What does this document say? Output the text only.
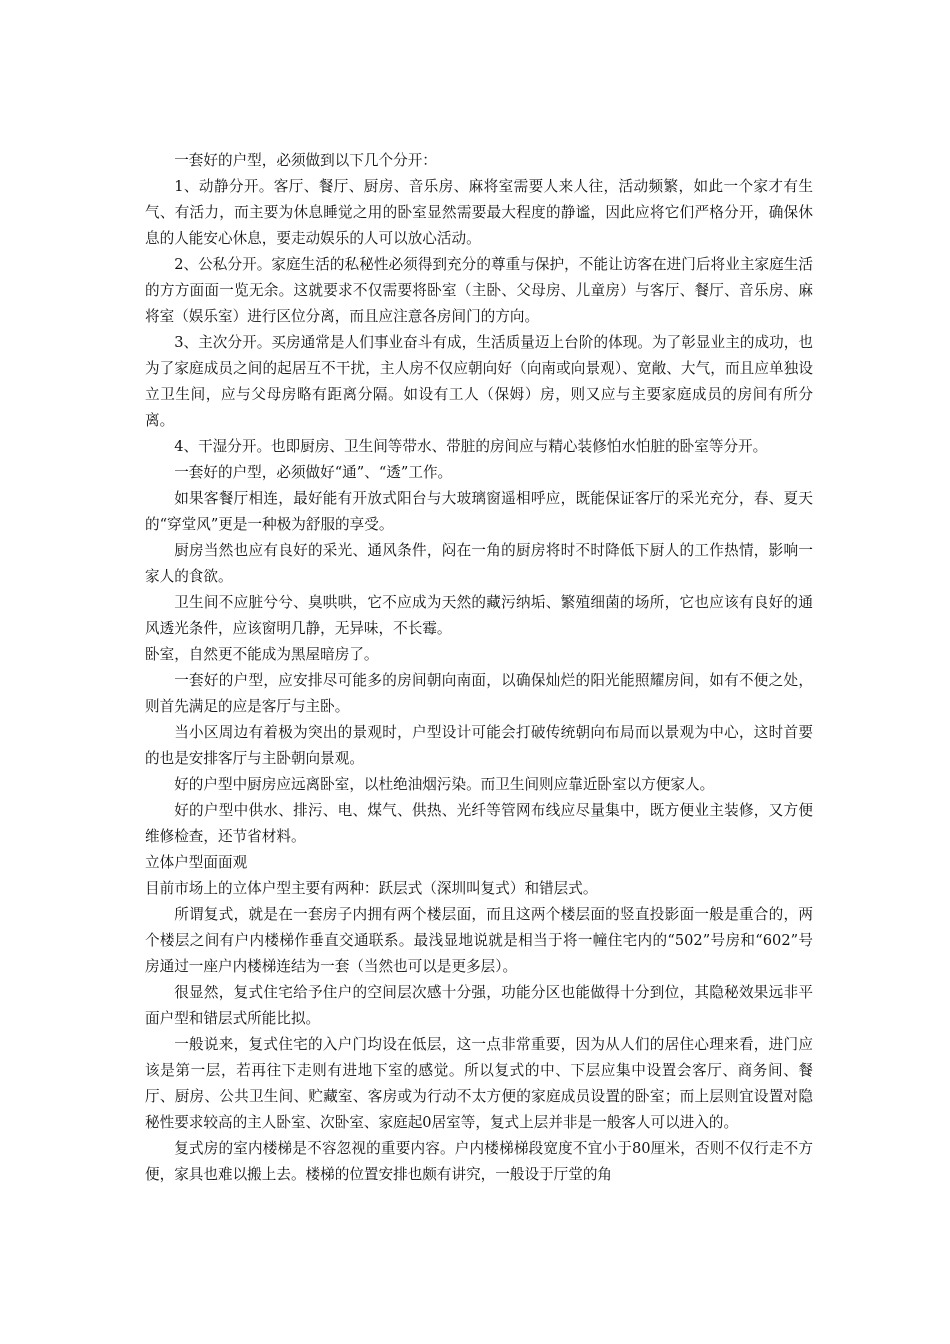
一套好的户型，必须做到以下几个分开：

1、动静分开。客厅、餐厅、厨房、音乐房、麻将室需要人来人往，活动频繁，如此一个家才有生气、有活力，而主要为休息睡觉之用的卧室显然需要最大程度的静谧，因此应将它们严格分开，确保休息的人能安心休息，要走动娱乐的人可以放心活动。

2、公私分开。家庭生活的私秘性必须得到充分的尊重与保护，不能让访客在进门后将业主家庭生活的方方面面一览无余。这就要求不仅需要将卧室（主卧、父母房、儿童房）与客厅、餐厅、音乐房、麻将室（娱乐室）进行区位分离，而且应注意各房间门的方向。

3、主次分开。买房通常是人们事业奋斗有成，生活质量迈上台阶的体现。为了彰显业主的成功，也为了家庭成员之间的起居互不干扰，主人房不仅应朝向好（向南或向景观）、宽敞、大气，而且应单独设立卫生间，应与父母房略有距离分隔。如设有工人（保姆）房，则又应与主要家庭成员的房间有所分离。

4、干湿分开。也即厨房、卫生间等带水、带脏的房间应与精心装修怕水怕脏的卧室等分开。

一套好的户型，必须做好“通”、“透”工作。

如果客餐厅相连，最好能有开放式阳台与大玻璃窗遥相呼应，既能保证客厅的采光充分，春、夏天的“穿堂风”更是一种极为舒服的享受。

厨房当然也应有良好的采光、通风条件，闷在一角的厨房将时不时降低下厨人的工作热情，影响一家人的食欲。

卫生间不应脏兮兮、臭哄哄，它不应成为天然的藏污纳垢、繁殖细菌的场所，它也应该有良好的通风透光条件，应该窗明几静，无异味，不长霉。

卧室，自然更不能成为黑屋暗房了。

一套好的户型，应安排尽可能多的房间朝向南面，以确保灿烂的阳光能照耀房间，如有不便之处，则首先满足的应是客厅与主卧。

当小区周边有着极为突出的景观时，户型设计可能会打破传统朝向布局而以景观为中心，这时首要的也是安排客厅与主卧朝向景观。

好的户型中厨房应远离卧室，以杜绝油烟污染。而卫生间则应靠近卧室以方便家人。

好的户型中供水、排污、电、煤气、供热、光纤等管网布线应尽量集中，既方便业主装修，又方便维修检查，还节省材料。

立体户型面面观

目前市场上的立体户型主要有两种：跃层式（深圳叫复式）和错层式。

所谓复式，就是在一套房子内拥有两个楼层面，而且这两个楼层面的竖直投影面一般是重合的，两个楼层之间有户内楼梯作垂直交通联系。最浅显地说就是相当于将一幢住宅内的“502”号房和“602”号房通过一座户内楼梯连结为一套（当然也可以是更多层）。

很显然，复式住宅给予住户的空间层次感十分强，功能分区也能做得十分到位，其隐秘效果远非平面户型和错层式所能比拟。

一般说来，复式住宅的入户门均设在低层，这一点非常重要，因为从人们的居住心理来看，进门应该是第一层，若再往下走则有进地下室的感觉。所以复式的中、下层应集中设置会客厅、商务间、餐厅、厨房、公共卫生间、贮藏室、客房或为行动不太方便的家庭成员设置的卧室；而上层则宜设置对隐秘性要求较高的主人卧室、次卧室、家庭起0居室等，复式上层并非是一般客人可以进入的。

复式房的室内楼梯是不容忽视的重要内容。户内楼梯梯段宽度不宜小于80厘米，否则不仅行走不方便，家具也难以搬上去。楼梯的位置安排也颇有讲究，一般设于厅堂的角
